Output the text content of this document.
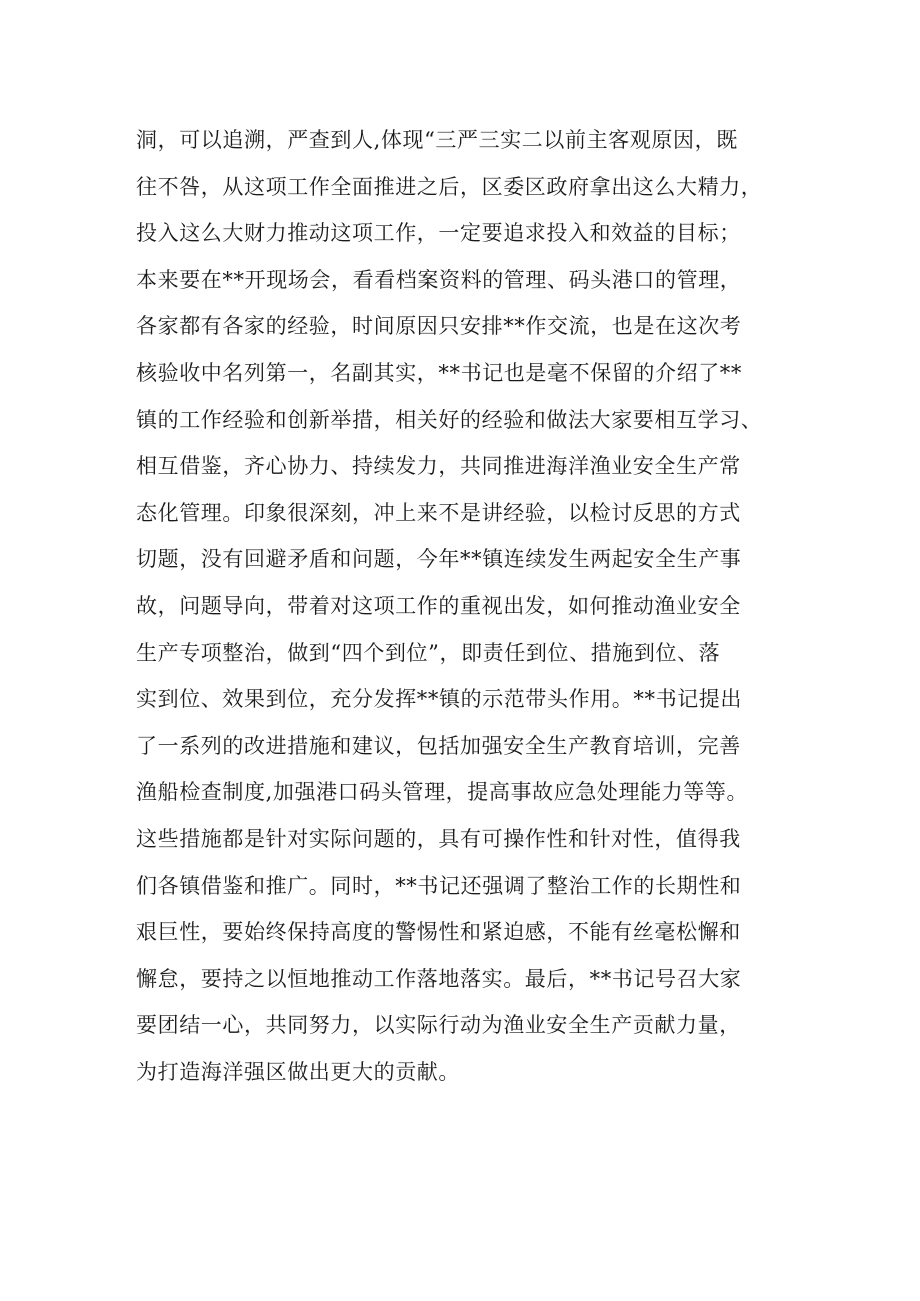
洞，可以追溯，严查到人,体现“三严三实二以前主客观原因，既
往不咎，从这项工作全面推进之后，区委区政府拿出这么大精力，
投入这么大财力推动这项工作，一定要追求投入和效益的目标；
本来要在**开现场会，看看档案资料的管理、码头港口的管理，
各家都有各家的经验，时间原因只安排**作交流，也是在这次考
核验收中名列第一，名副其实，**书记也是毫不保留的介绍了**
镇的工作经验和创新举措，相关好的经验和做法大家要相互学习、
相互借鉴，齐心协力、持续发力，共同推进海洋渔业安全生产常
态化管理。印象很深刻，冲上来不是讲经验，以检讨反思的方式
切题，没有回避矛盾和问题，今年**镇连续发生两起安全生产事
故，问题导向，带着对这项工作的重视出发，如何推动渔业安全
生产专项整治，做到“四个到位”，即责任到位、措施到位、落
实到位、效果到位，充分发挥**镇的示范带头作用。**书记提出
了一系列的改进措施和建议，包括加强安全生产教育培训，完善
渔船检查制度,加强港口码头管理，提高事故应急处理能力等等。
这些措施都是针对实际问题的，具有可操作性和针对性，值得我
们各镇借鉴和推广。同时，**书记还强调了整治工作的长期性和
艰巨性，要始终保持高度的警惕性和紧迫感，不能有丝毫松懈和
懈怠，要持之以恒地推动工作落地落实。最后，**书记号召大家
要团结一心，共同努力，以实际行动为渔业安全生产贡献力量，
为打造海洋强区做出更大的贡献。
